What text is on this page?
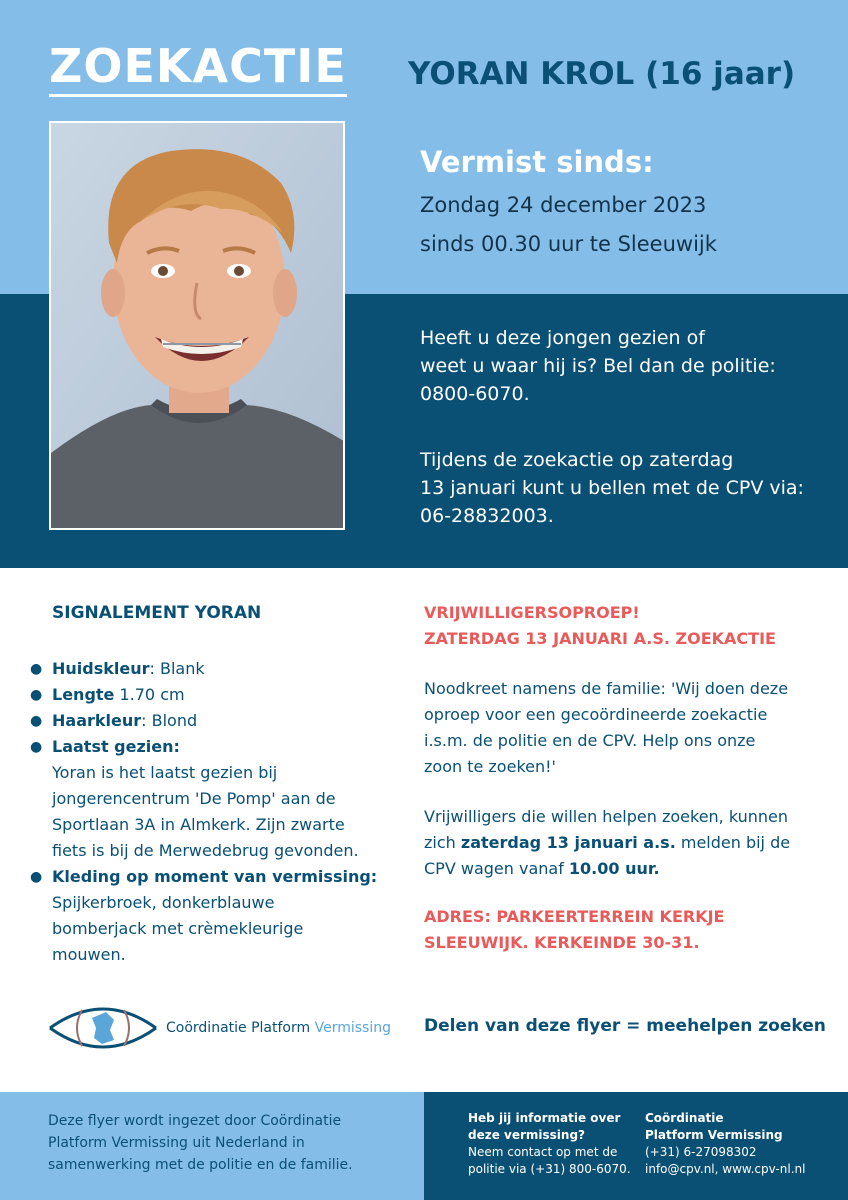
ZOEKACTIE YORAN KROL (16 jaar)
Vermist sinds:
Zondag 24 december 2023
sinds 00.30 uur te Sleeuwijk
Heeft u deze jongen gezien of
weet u waar hij is? Bel dan de politie:
0800-6070.
Tijdens de zoekactie op zaterdag
13 januari kunt u bellen met de CPV via:
06-28832003.
SIGNALEMENT YORAN
● Huidskleur: Blank
● Lengte 1.70 cm
● Haarkleur: Blond
● Laatst gezien:
Yoran is het laatst gezien bij
jongerencentrum 'De Pomp' aan de
Sportlaan 3A in Almkerk. Zijn zwarte
fiets is bij de Merwedebrug gevonden.
● Kleding op moment van vermissing:
Spijkerbroek, donkerblauwe
bomberjack met crèmekleurige
mouwen.
VRIJWILLIGERSOPROEP!
ZATERDAG 13 JANUARI A.S. ZOEKACTIE
Noodkreet namens de familie: 'Wij doen deze
oproep voor een gecoördineerde zoekactie
i.s.m. de politie en de CPV. Help ons onze
zoon te zoeken!'
Vrijwilligers die willen helpen zoeken, kunnen
zich zaterdag 13 januari a.s. melden bij de
CPV wagen vanaf 10.00 uur.
ADRES: PARKEERTERREIN KERKJE
SLEEUWIJK. KERKEINDE 30-31.
Delen van deze flyer = meehelpen zoeken
Coördinatie Platform Vermissing
Deze flyer wordt ingezet door Coördinatie
Platform Vermissing uit Nederland in
samenwerking met de politie en de familie.
Heb jij informatie over
deze vermissing?
Neem contact op met de
politie via (+31) 800-6070.
Coördinatie
Platform Vermissing
(+31) 6-27098302
info@cpv.nl, www.cpv-nl.nl
